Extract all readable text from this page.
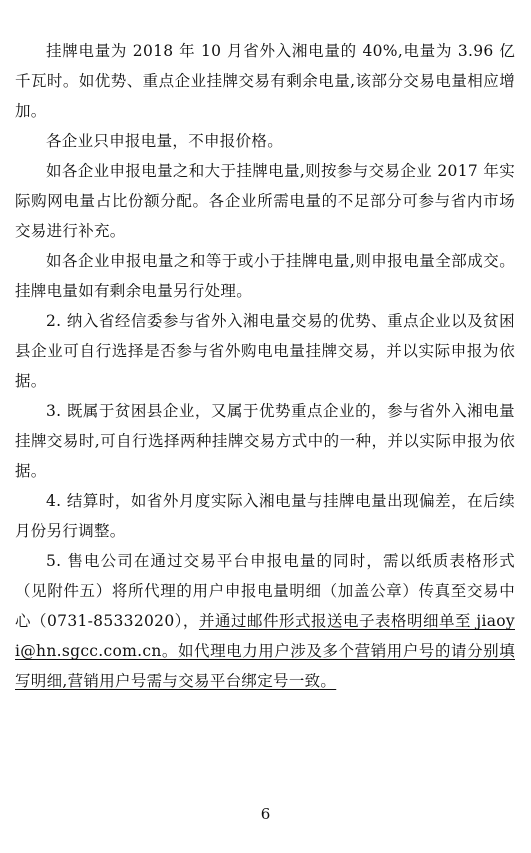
挂牌电量为 2018 年 10 月省外入湘电量的 40%,电量为 3.96 亿千瓦时。如优势、重点企业挂牌交易有剩余电量,该部分交易电量相应增加。

各企业只申报电量，不申报价格。

如各企业申报电量之和大于挂牌电量,则按参与交易企业 2017 年实际购网电量占比份额分配。各企业所需电量的不足部分可参与省内市场交易进行补充。

如各企业申报电量之和等于或小于挂牌电量,则申报电量全部成交。挂牌电量如有剩余电量另行处理。

2. 纳入省经信委参与省外入湘电量交易的优势、重点企业以及贫困县企业可自行选择是否参与省外购电电量挂牌交易，并以实际申报为依据。

3. 既属于贫困县企业，又属于优势重点企业的，参与省外入湘电量挂牌交易时,可自行选择两种挂牌交易方式中的一种，并以实际申报为依据。

4. 结算时，如省外月度实际入湘电量与挂牌电量出现偏差，在后续月份另行调整。

5. 售电公司在通过交易平台申报电量的同时，需以纸质表格形式（见附件五）将所代理的用户申报电量明细（加盖公章）传真至交易中心（0731-85332020），并通过邮件形式报送电子表格明细单至 jiaoyi@hn.sgcc.com.cn。如代理电力用户涉及多个营销用户号的请分别填写明细,营销用户号需与交易平台绑定号一致。

6
